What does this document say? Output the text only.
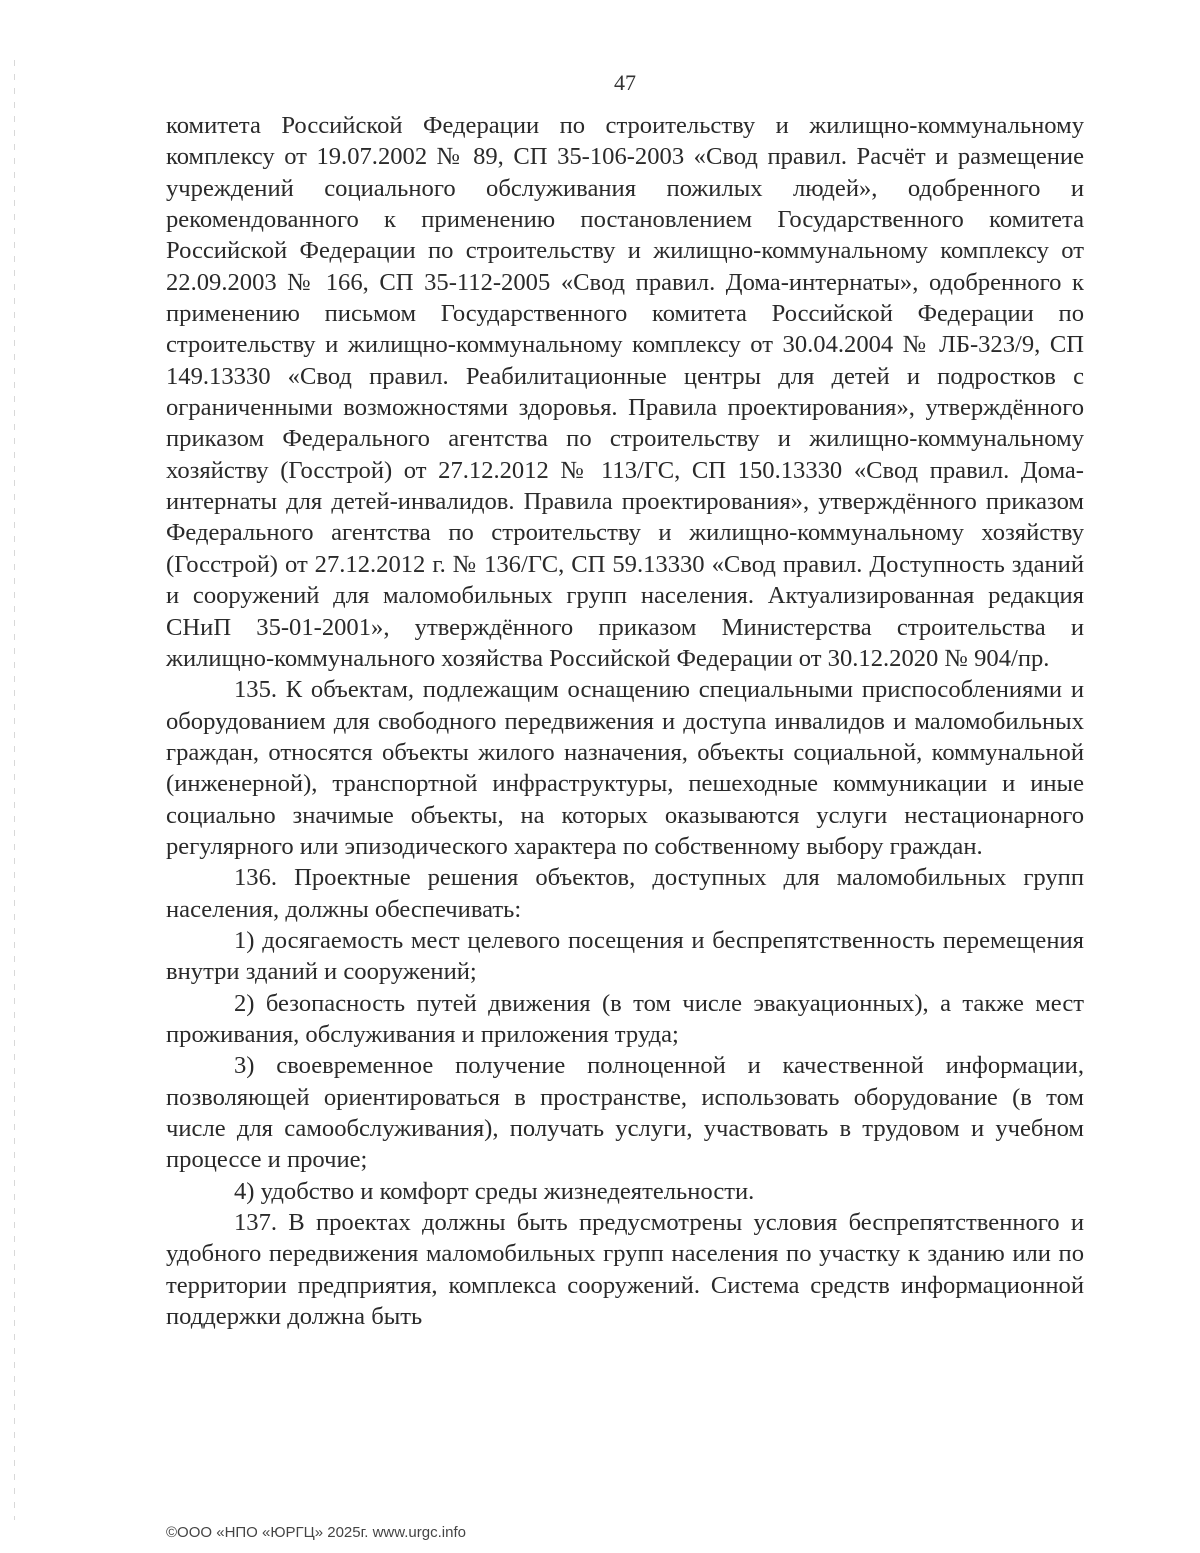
47

комитета Российской Федерации по строительству и жилищно-коммунальному комплексу от 19.07.2002 № 89, СП 35-106-2003 «Свод правил. Расчёт и размещение учреждений социального обслуживания пожилых людей», одобренного и рекомендованного к применению постановлением Государственного комитета Российской Федерации по строительству и жилищно-коммунальному комплексу от 22.09.2003 № 166, СП 35-112-2005 «Свод правил. Дома-интернаты», одобренного к применению письмом Государственного комитета Российской Федерации по строительству и жилищно-коммунальному комплексу от 30.04.2004 № ЛБ-323/9, СП 149.13330 «Свод правил. Реабилитационные центры для детей и подростков с ограниченными возможностями здоровья. Правила проектирования», утверждённого приказом Федерального агентства по строительству и жилищно-коммунальному хозяйству (Госстрой) от 27.12.2012 № 113/ГС, СП 150.13330 «Свод правил. Дома-интернаты для детей-инвалидов. Правила проектирования», утверждённого приказом Федерального агентства по строительству и жилищно-коммунальному хозяйству (Госстрой) от 27.12.2012 г. № 136/ГС, СП 59.13330 «Свод правил. Доступность зданий и сооружений для маломобильных групп населения. Актуализированная редакция СНиП 35-01-2001», утверждённого приказом Министерства строительства и жилищно-коммунального хозяйства Российской Федерации от 30.12.2020 № 904/пр.

135. К объектам, подлежащим оснащению специальными приспособлениями и оборудованием для свободного передвижения и доступа инвалидов и маломобильных граждан, относятся объекты жилого назначения, объекты социальной, коммунальной (инженерной), транспортной инфраструктуры, пешеходные коммуникации и иные социально значимые объекты, на которых оказываются услуги нестационарного регулярного или эпизодического характера по собственному выбору граждан.

136. Проектные решения объектов, доступных для маломобильных групп населения, должны обеспечивать:

1) досягаемость мест целевого посещения и беспрепятственность перемещения внутри зданий и сооружений;

2) безопасность путей движения (в том числе эвакуационных), а также мест проживания, обслуживания и приложения труда;

3) своевременное получение полноценной и качественной информации, позволяющей ориентироваться в пространстве, использовать оборудование (в том числе для самообслуживания), получать услуги, участвовать в трудовом и учебном процессе и прочие;

4) удобство и комфорт среды жизнедеятельности.

137. В проектах должны быть предусмотрены условия беспрепятственного и удобного передвижения маломобильных групп населения по участку к зданию или по территории предприятия, комплекса сооружений. Система средств информационной поддержки должна быть

©ООО «НПО «ЮРГЦ» 2025г. www.urgc.info
